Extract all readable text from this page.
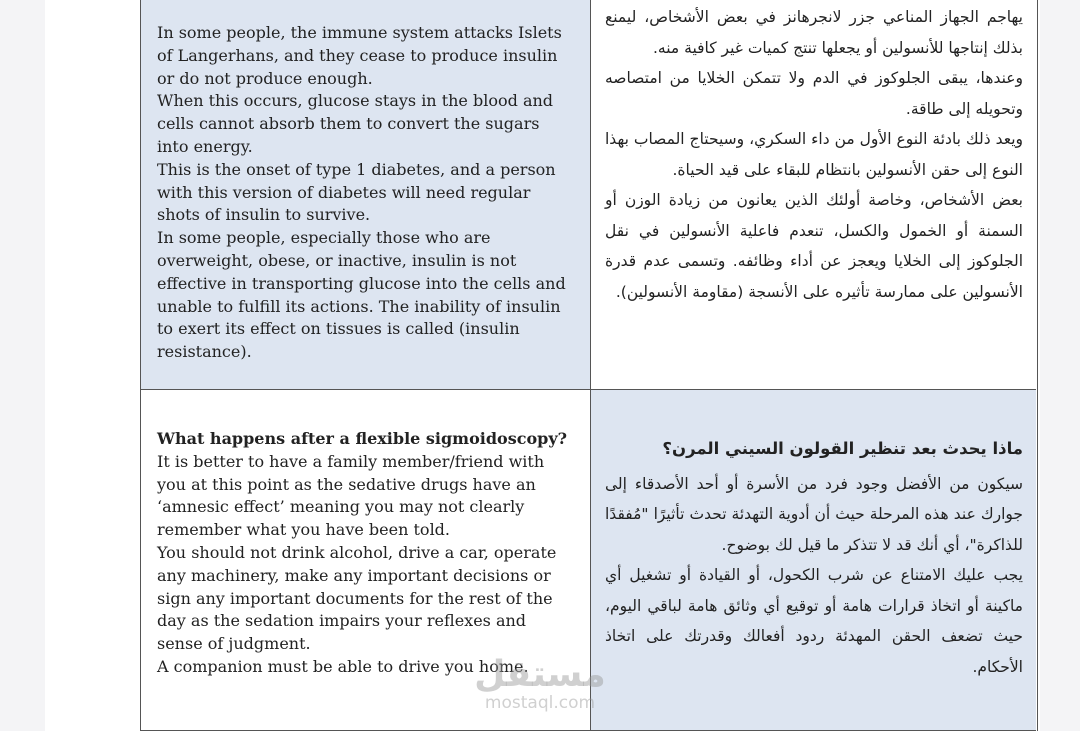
In some people, the immune system attacks Islets of Langerhans, and they cease to produce insulin or do not produce enough.

When this occurs, glucose stays in the blood and cells cannot absorb them to convert the sugars into energy.

This is the onset of type 1 diabetes, and a person with this version of diabetes will need regular shots of insulin to survive.

In some people, especially those who are overweight, obese, or inactive, insulin is not effective in transporting glucose into the cells and unable to fulfill its actions. The inability of insulin to exert its effect on tissues is called (insulin resistance).

يهاجم الجهاز المناعي جزر لانجرهانز في بعض الأشخاص، ليمنع بذلك إنتاجها للأنسولين أو يجعلها تنتج كميات غير كافية منه.

وعندها، يبقى الجلوكوز في الدم ولا تتمكن الخلايا من امتصاصه وتحويله إلى طاقة.

ويعد ذلك بادئة النوع الأول من داء السكري، وسيحتاج المصاب بهذا النوع إلى حقن الأنسولين بانتظام للبقاء على قيد الحياة.

بعض الأشخاص، وخاصة أولئك الذين يعانون من زيادة الوزن أو السمنة أو الخمول والكسل، تنعدم فاعلية الأنسولين في نقل الجلوكوز إلى الخلايا ويعجز عن أداء وظائفه. وتسمى عدم قدرة الأنسولين على ممارسة تأثيره على الأنسجة (مقاومة الأنسولين).

What happens after a flexible sigmoidoscopy?

It is better to have a family member/friend with you at this point as the sedative drugs have an ‘amnesic effect’ meaning you may not clearly remember what you have been told.

You should not drink alcohol, drive a car, operate any machinery, make any important decisions or sign any important documents for the rest of the day as the sedation impairs your reflexes and sense of judgment.

A companion must be able to drive you home.

ماذا يحدث بعد تنظير القولون السيني المرن؟

سيكون من الأفضل وجود فرد من الأسرة أو أحد الأصدقاء إلى جوارك عند هذه المرحلة حيث أن أدوية التهدئة تحدث تأثيرًا "مُفقدًا للذاكرة"، أي أنك قد لا تتذكر ما قيل لك بوضوح.

يجب عليك الامتناع عن شرب الكحول، أو القيادة أو تشغيل أي ماكينة أو اتخاذ قرارات هامة أو توقيع أي وثائق هامة لباقي اليوم، حيث تضعف الحقن المهدئة ردود أفعالك وقدرتك على اتخاذ الأحكام.

مستقل
mostaql.com
